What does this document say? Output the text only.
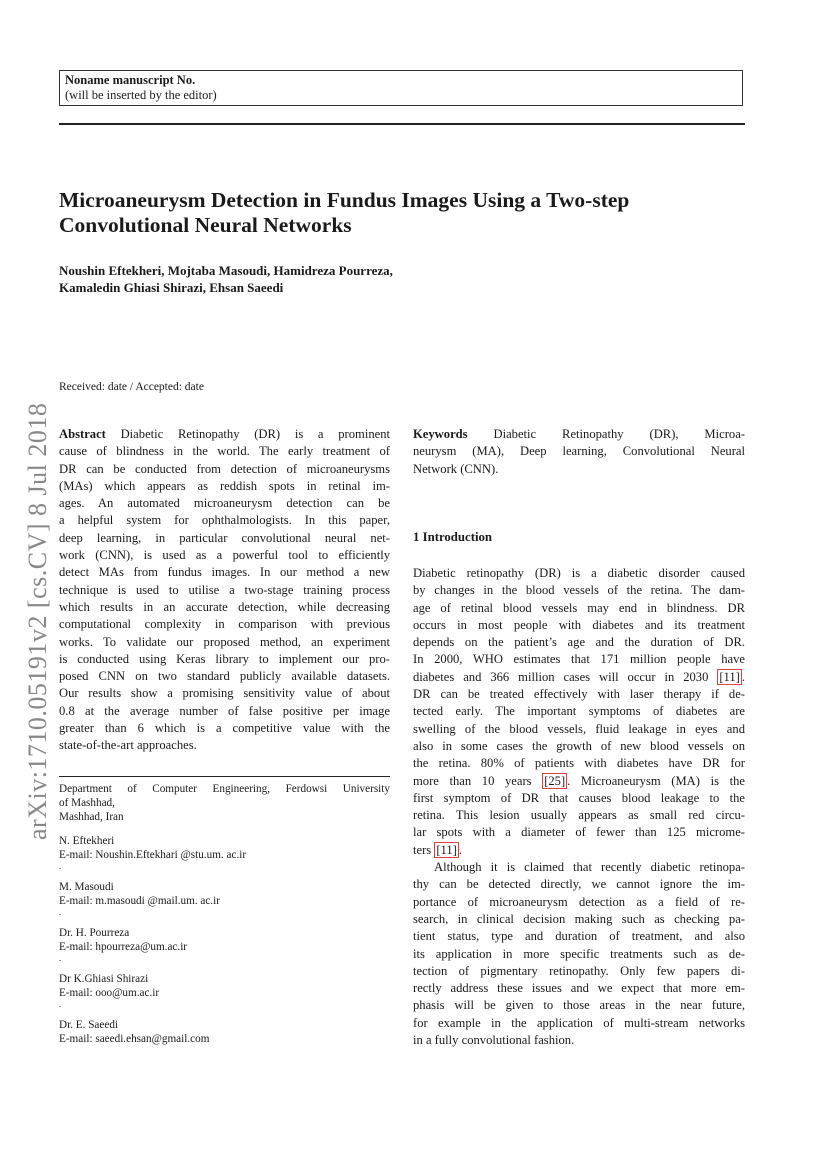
Noname manuscript No.
(will be inserted by the editor)
Microaneurysm Detection in Fundus Images Using a Two-step
Convolutional Neural Networks
Noushin Eftekheri, Mojtaba Masoudi, Hamidreza Pourreza,
Kamaledin Ghiasi Shirazi, Ehsan Saeedi
Received: date / Accepted: date
arXiv:1710.05191v2 [cs.CV] 8 Jul 2018 Abstract Diabetic Retinopathy (DR) is a prominent
cause of blindness in the world. The early treatment of
DR can be conducted from detection of microaneurysms
(MAs) which appears as reddish spots in retinal im-
ages. An automated microaneurysm detection can be
a helpful system for ophthalmologists. In this paper,
deep learning, in particular convolutional neural net-
work (CNN), is used as a powerful tool to efficiently
detect MAs from fundus images. In our method a new
technique is used to utilise a two-stage training process
which results in an accurate detection, while decreasing
computational complexity in comparison with previous
works. To validate our proposed method, an experiment
is conducted using Keras library to implement our pro-
posed CNN on two standard publicly available datasets.
Our results show a promising sensitivity value of about
0.8 at the average number of false positive per image
greater than 6 which is a competitive value with the
state-of-the-art approaches.
Keywords Diabetic Retinopathy (DR), Microa-
neurysm (MA), Deep learning, Convolutional Neural
Network (CNN).
1 Introduction
Diabetic retinopathy (DR) is a diabetic disorder caused
by changes in the blood vessels of the retina. The dam-
age of retinal blood vessels may end in blindness. DR
occurs in most people with diabetes and its treatment
depends on the patient’s age and the duration of DR.
In 2000, WHO estimates that 171 million people have
diabetes and 366 million cases will occur in 2030 [11] .
DR can be treated effectively with laser therapy if de-
tected early. The important symptoms of diabetes are
swelling of the blood vessels, fluid leakage in eyes and
also in some cases the growth of new blood vessels on
the retina. 80% of patients with diabetes have DR for
more than 10 years [25] . Microaneurysm (MA) is the
first symptom of DR that causes blood leakage to the
retina. This lesion usually appears as small red circu-
lar spots with a diameter of fewer than 125 microme-
ters [11] .
Although it is claimed that recently diabetic retinopa-
thy can be detected directly, we cannot ignore the im-
portance of microaneurysm detection as a field of re-
search, in clinical decision making such as checking pa-
tient status, type and duration of treatment, and also
its application in more specific treatments such as de-
tection of pigmentary retinopathy. Only few papers di-
rectly address these issues and we expect that more em-
phasis will be given to those areas in the near future,
for example in the application of multi-stream networks
in a fully convolutional fashion.
Department of Computer Engineering, Ferdowsi University
of Mashhad,
Mashhad, Iran
N. Eftekheri
E-mail: Noushin.Eftekhari @stu.um. ac.ir
.
M. Masoudi
E-mail: m.masoudi @mail.um. ac.ir
.
Dr. H. Pourreza
E-mail: hpourreza@um.ac.ir
.
Dr K.Ghiasi Shirazi
E-mail: ooo@um.ac.ir
.
Dr. E. Saeedi
E-mail: saeedi.ehsan@gmail.com
